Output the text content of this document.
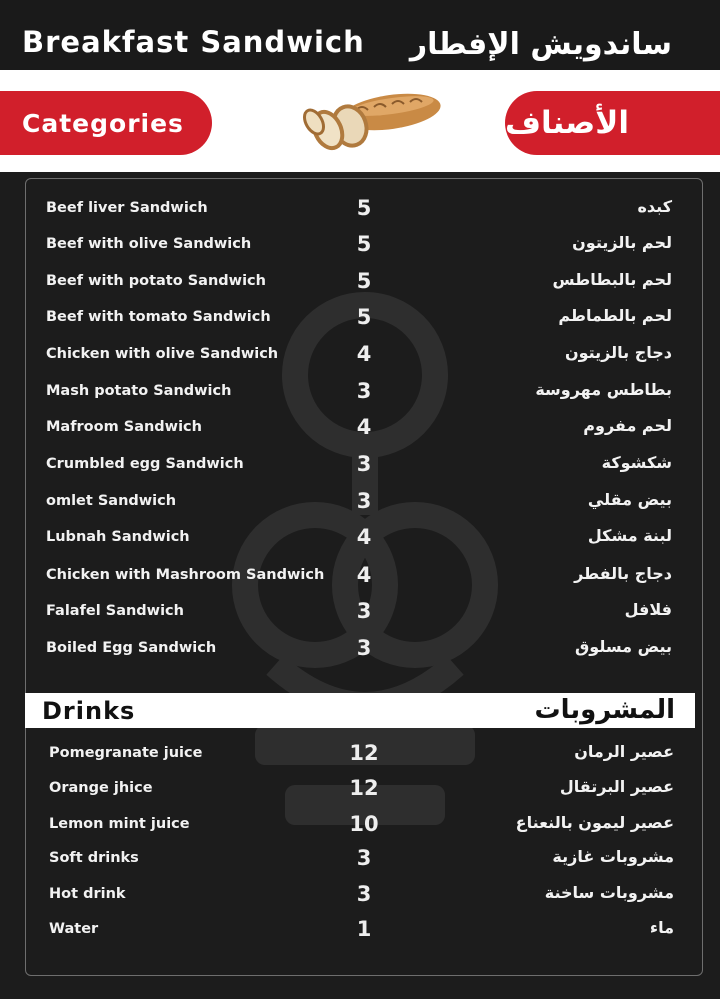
Breakfast Sandwich ساندويش الإفطار
Categories	الأصناف
Beef liver Sandwich	5	كبده
Beef with olive Sandwich	5	لحم بالزيتون
Beef with potato Sandwich	5	لحم بالبطاطس
Beef with tomato Sandwich	5	لحم بالطماطم
Chicken with olive Sandwich	4	دجاج بالزيتون
Mash potato Sandwich	3	بطاطس مهروسة
Mafroom Sandwich	4	لحم مفروم
Crumbled egg Sandwich	3	شكشوكة
omlet Sandwich	3	بيض مقلي
Lubnah Sandwich	4	لبنة مشكل
Chicken with Mashroom Sandwich	4	دجاج بالفطر
Falafel Sandwich	3	فلافل
Boiled Egg Sandwich	3	بيض مسلوق
Drinks	المشروبات
Pomegranate juice	12	عصير الرمان
Orange jhice	12	عصير البرتقال
Lemon mint juice	10	عصير ليمون بالنعناع
Soft drinks	3	مشروبات غازية
Hot drink	3	مشروبات ساخنة
Water	1	ماء
